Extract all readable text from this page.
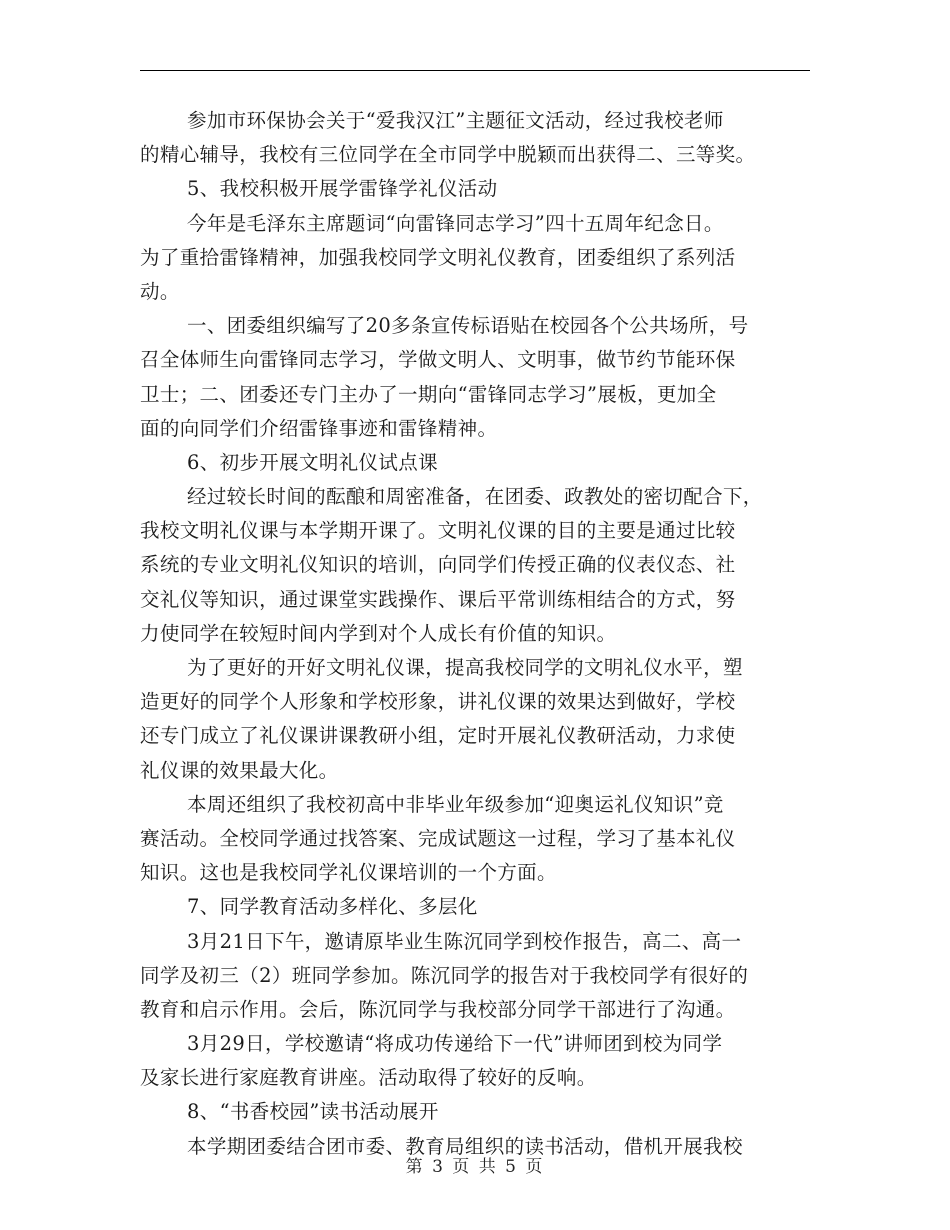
参加市环保协会关于“爱我汉江”主题征文活动，经过我校老师
的精心辅导，我校有三位同学在全市同学中脱颖而出获得二、三等奖。
5、我校积极开展学雷锋学礼仪活动
今年是毛泽东主席题词“向雷锋同志学习”四十五周年纪念日。
为了重拾雷锋精神，加强我校同学文明礼仪教育，团委组织了系列活
动。
一、团委组织编写了20多条宣传标语贴在校园各个公共场所，号
召全体师生向雷锋同志学习，学做文明人、文明事，做节约节能环保
卫士；二、团委还专门主办了一期向“雷锋同志学习”展板，更加全
面的向同学们介绍雷锋事迹和雷锋精神。
6、初步开展文明礼仪试点课
经过较长时间的酝酿和周密准备，在团委、政教处的密切配合下，
我校文明礼仪课与本学期开课了。文明礼仪课的目的主要是通过比较
系统的专业文明礼仪知识的培训，向同学们传授正确的仪表仪态、社
交礼仪等知识，通过课堂实践操作、课后平常训练相结合的方式，努
力使同学在较短时间内学到对个人成长有价值的知识。
为了更好的开好文明礼仪课，提高我校同学的文明礼仪水平，塑
造更好的同学个人形象和学校形象，讲礼仪课的效果达到做好，学校
还专门成立了礼仪课讲课教研小组，定时开展礼仪教研活动，力求使
礼仪课的效果最大化。
本周还组织了我校初高中非毕业年级参加“迎奥运礼仪知识”竞
赛活动。全校同学通过找答案、完成试题这一过程，学习了基本礼仪
知识。这也是我校同学礼仪课培训的一个方面。
7、同学教育活动多样化、多层化
3月21日下午，邀请原毕业生陈沉同学到校作报告，高二、高一
同学及初三（2）班同学参加。陈沉同学的报告对于我校同学有很好的
教育和启示作用。会后，陈沉同学与我校部分同学干部进行了沟通。
3月29日，学校邀请“将成功传递给下一代”讲师团到校为同学
及家长进行家庭教育讲座。活动取得了较好的反响。
8、“书香校园”读书活动展开
本学期团委结合团市委、教育局组织的读书活动，借机开展我校
第 3 页 共 5 页
